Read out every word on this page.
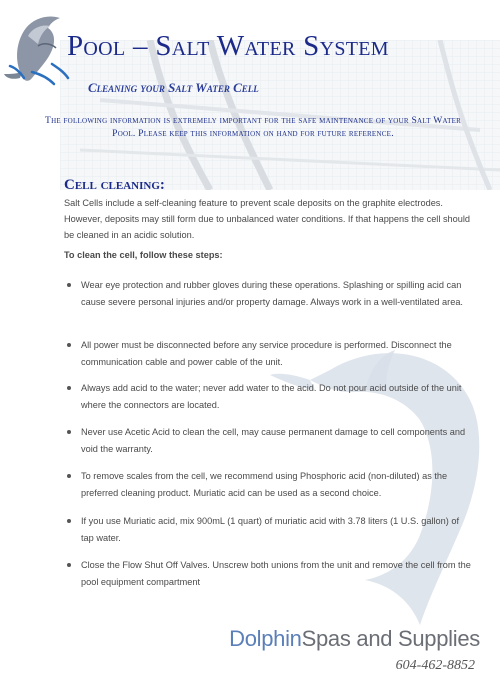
Pool – Salt Water System
Cleaning your Salt Water Cell
The following information is extremely important for the safe maintenance of your Salt Water Pool. Please keep this information on hand for future reference.
Cell cleaning:
Salt Cells include a self-cleaning feature to prevent scale deposits on the graphite electrodes. However, deposits may still form due to unbalanced water conditions. If that happens the cell should be cleaned in an acidic solution.
To clean the cell, follow these steps:
Wear eye protection and rubber gloves during these operations. Splashing or spilling acid can cause severe personal injuries and/or property damage. Always work in a well-ventilated area.
All power must be disconnected before any service procedure is performed. Disconnect the communication cable and power cable of the unit.
Always add acid to the water; never add water to the acid. Do not pour acid outside of the unit where the connectors are located.
Never use Acetic Acid to clean the cell, may cause permanent damage to cell components and void the warranty.
To remove scales from the cell, we recommend using Phosphoric acid (non-diluted) as the preferred cleaning product. Muriatic acid can be used as a second choice.
If you use Muriatic acid, mix 900mL (1 quart) of muriatic acid with 3.78 liters (1 U.S. gallon) of tap water.
Close the Flow Shut Off Valves. Unscrew both unions from the unit and remove the cell from the pool equipment compartment
DolphinSpas and Supplies
604-462-8852
